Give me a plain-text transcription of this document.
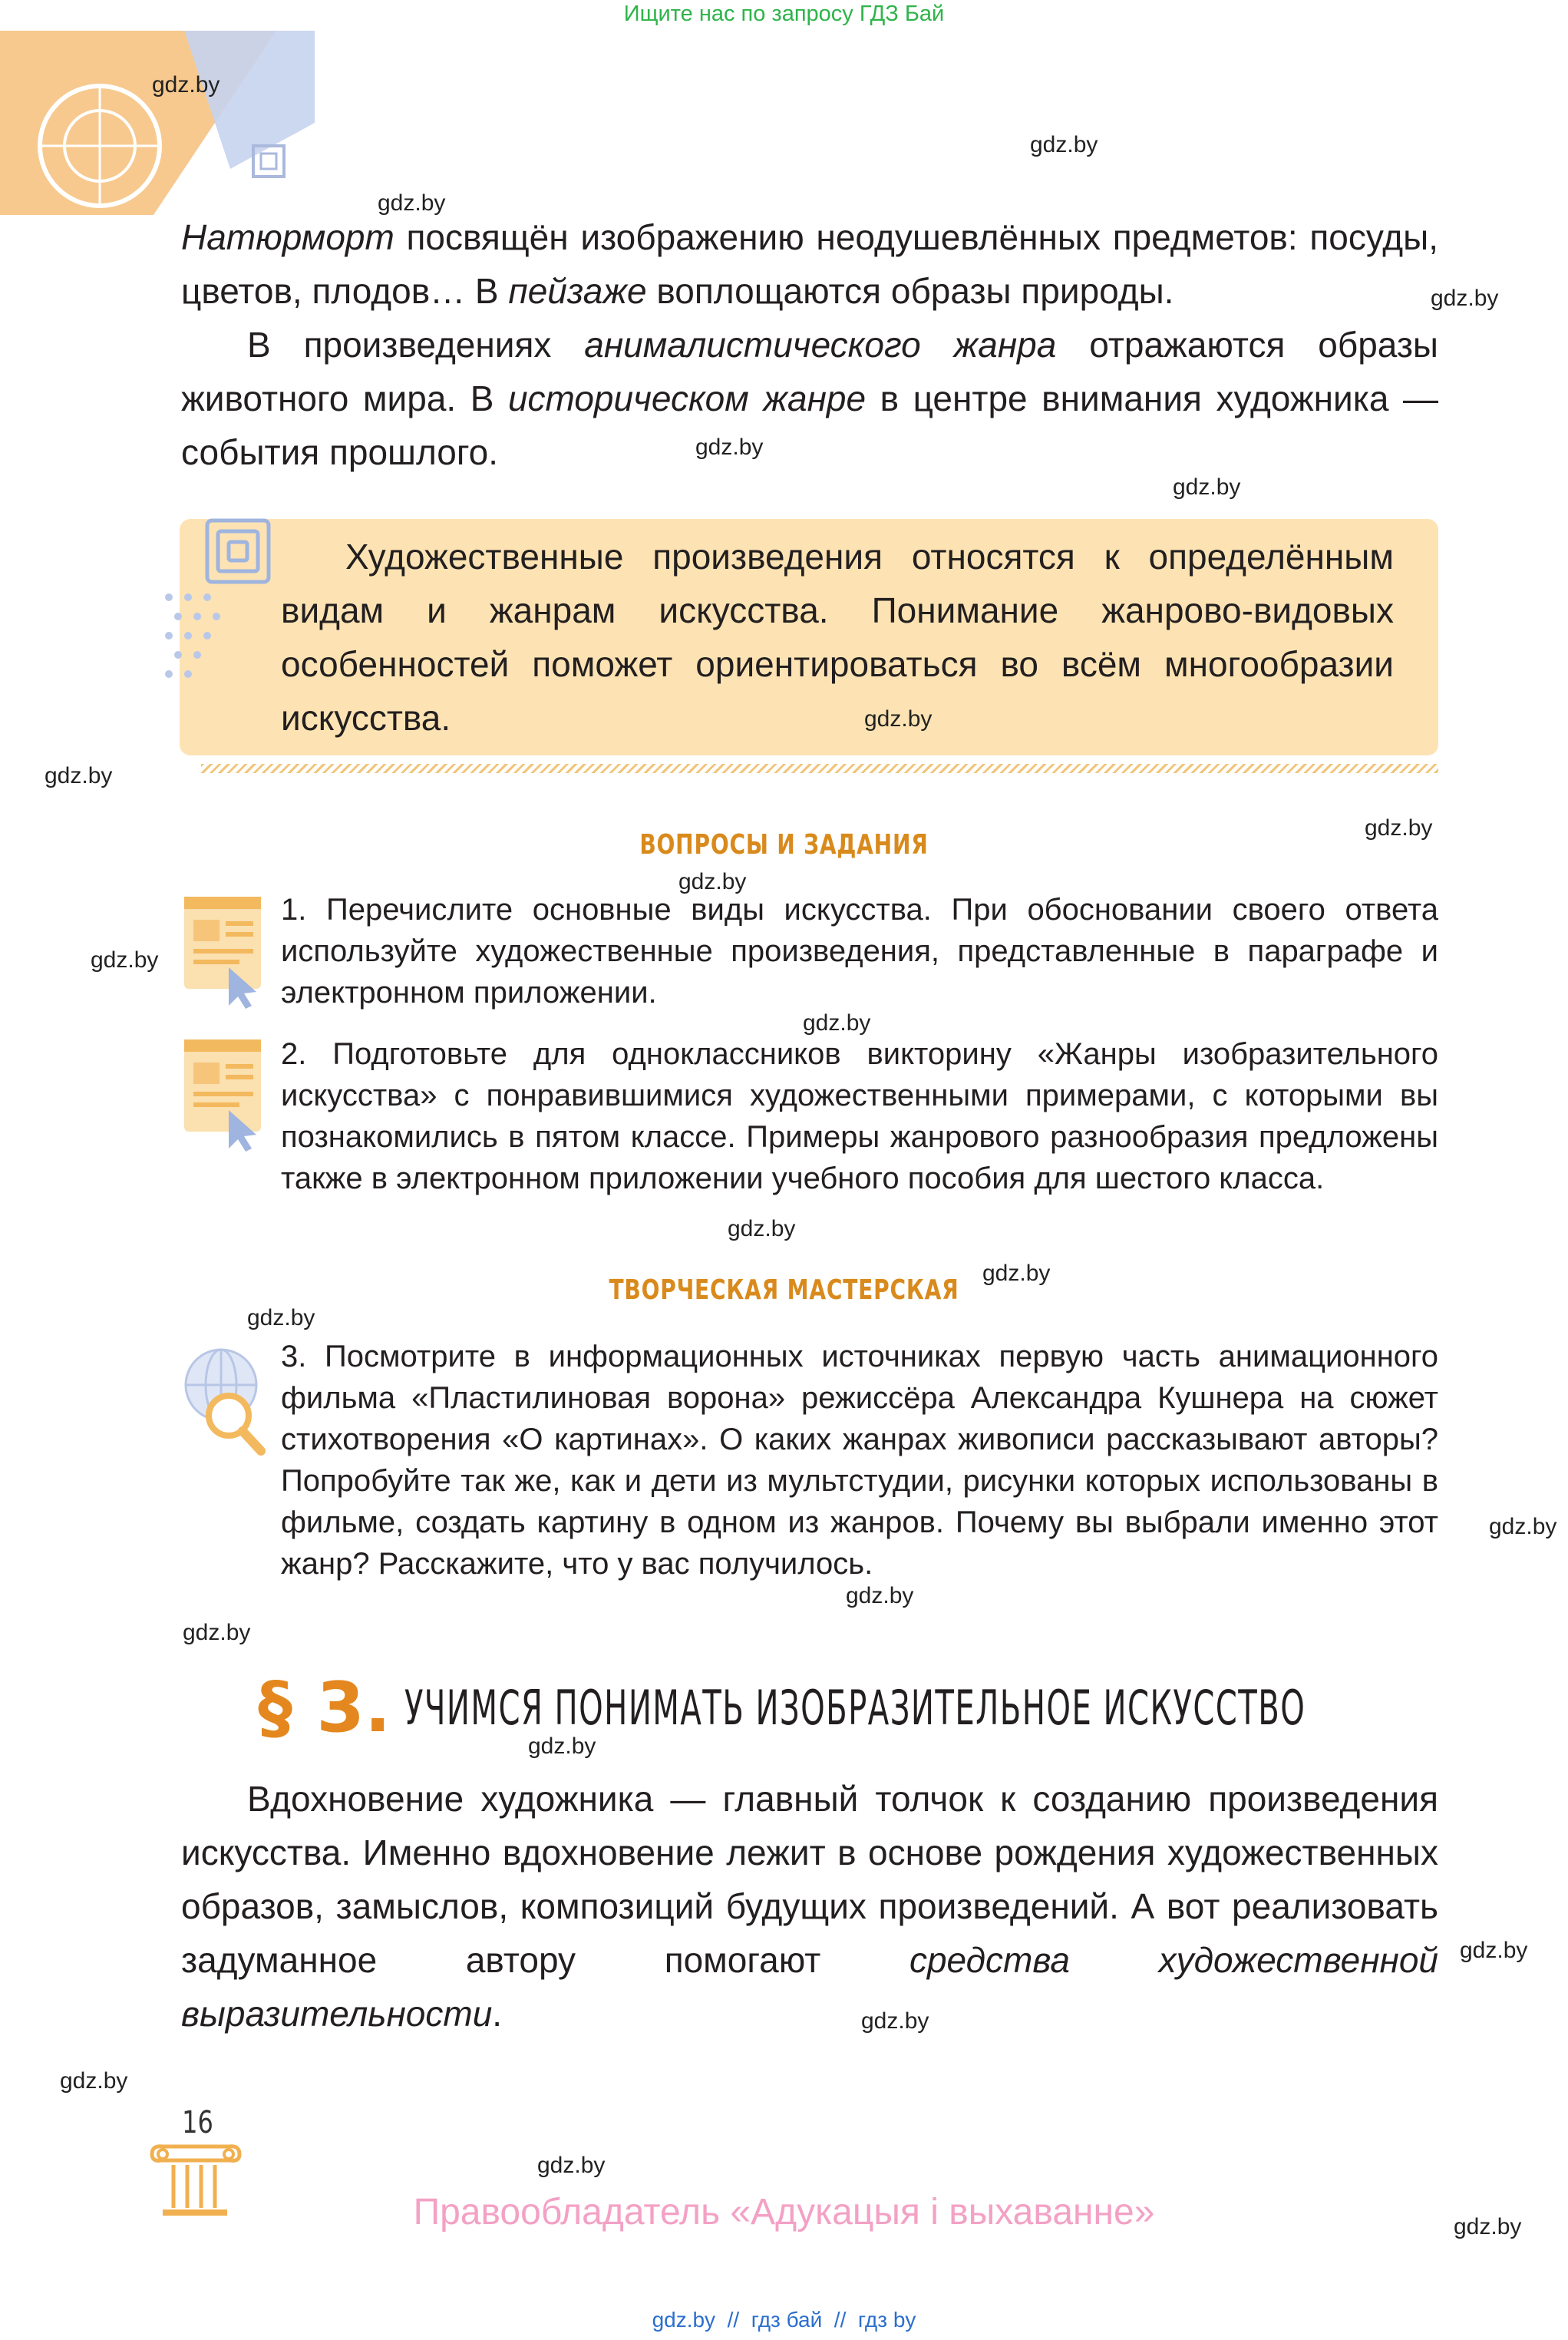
Ищите нас по запросу ГДЗ Бай
Натюрморт посвящён изображению неодушевлённых предметов: посуды, цветов, плодов… В пейзаже воплощаются образы природы.
В произведениях анималистического жанра отражаются образы животного мира. В историческом жанре в центре внимания художника — события прошлого.
Художественные произведения относятся к определённым видам и жанрам искусства. Понимание жанрово-видовых особенностей поможет ориентироваться во всём многообразии искусства.
ВОПРОСЫ И ЗАДАНИЯ
1. Перечислите основные виды искусства. При обосновании своего ответа используйте художественные произведения, представленные в параграфе и электронном приложении.
2. Подготовьте для одноклассников викторину «Жанры изобразительного искусства» с понравившимися художественными примерами, с которыми вы познакомились в пятом классе. Примеры жанрового разнообразия предложены также в электронном приложении учебного пособия для шестого класса.
ТВОРЧЕСКАЯ МАСТЕРСКАЯ
3. Посмотрите в информационных источниках первую часть анимационного фильма «Пластилиновая ворона» режиссёра Александра Кушнера на сюжет стихотворения «О картинах». О каких жанрах живописи рассказывают авторы? Попробуйте так же, как и дети из мультстудии, рисунки которых использованы в фильме, создать картину в одном из жанров. Почему вы выбрали именно этот жанр? Расскажите, что у вас получилось.
§ 3. УЧИМСЯ ПОНИМАТЬ ИЗОБРАЗИТЕЛЬНОЕ ИСКУССТВО
Вдохновение художника — главный толчок к созданию произведения искусства. Именно вдохновение лежит в основе рождения художественных образов, замыслов, композиций будущих произведений. А вот реализовать задуманное автору помогают средства художественной выразительности.
16
Правообладатель «Адукацыя і выхаванне»
gdz.by  //  гдз бай  //  гдз by
gdz.by
gdz.by
gdz.by
gdz.by
gdz.by
gdz.by
gdz.by
gdz.by
gdz.by
gdz.by
gdz.by
gdz.by
gdz.by
gdz.by
gdz.by
gdz.by
gdz.by
gdz.by
gdz.by
gdz.by
gdz.by
gdz.by
gdz.by
gdz.by
